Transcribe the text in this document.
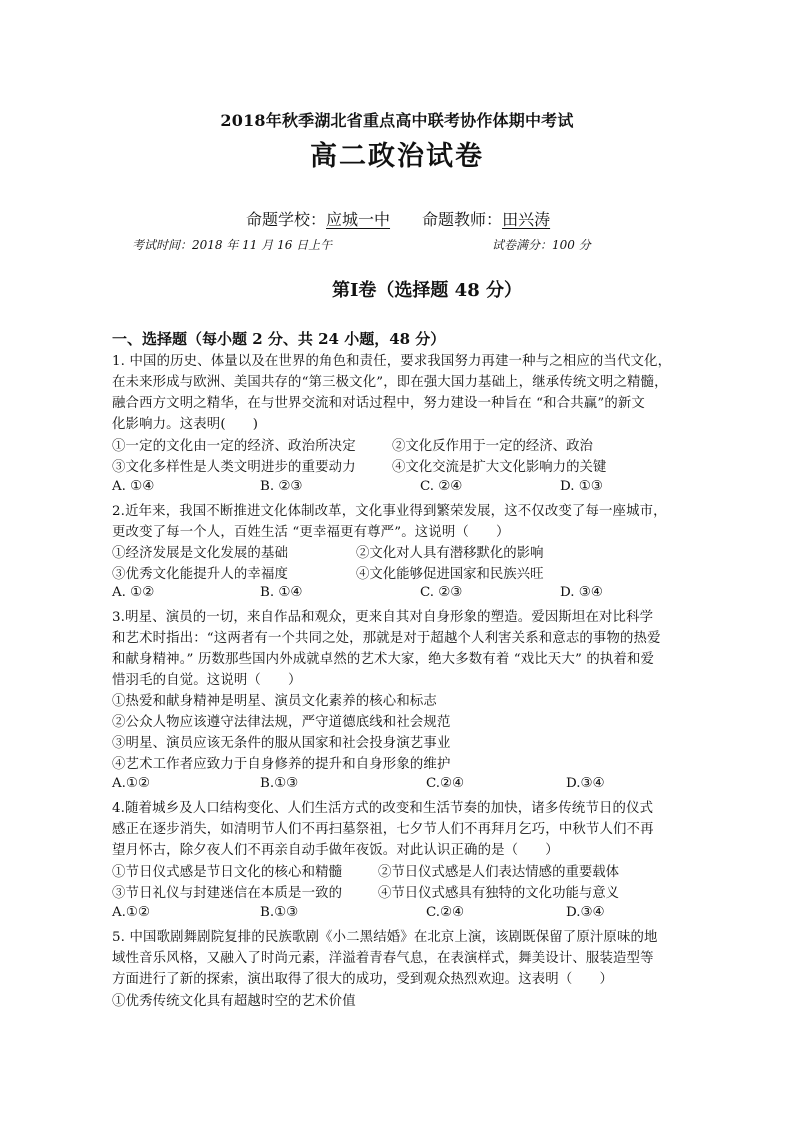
2018年秋季湖北省重点高中联考协作体期中考试
高二政治试卷
命题学校：应城一中　　 命题教师：田兴涛
考试时间：2018 年 11 月 16 日上午	试卷满分：100 分
第Ⅰ卷（选择题 48 分）
一、选择题（每小题 2 分、共 24 小题，48 分）
1. 中国的历史、体量以及在世界的角色和责任，要求我国努力再建一种与之相应的当代文化，
在未来形成与欧洲、美国共存的“第三极文化”，即在强大国力基础上，继承传统文明之精髓，
融合西方文明之精华，在与世界交流和对话过程中，努力建设一种旨在 “和合共赢”的新文
化影响力。这表明(　　)
①一定的文化由一定的经济、政治所决定	②文化反作用于一定的经济、政治
③文化多样性是人类文明进步的重要动力	④文化交流是扩大文化影响力的关键
A. ①④	B. ②③	C. ②④	D. ①③
2.近年来，我国不断推进文化体制改革，文化事业得到繁荣发展，这不仅改变了每一座城市，
更改变了每一个人，百姓生活 “更幸福更有尊严”。这说明（　　）
①经济发展是文化发展的基础	②文化对人具有潜移默化的影响
③优秀文化能提升人的幸福度	④文化能够促进国家和民族兴旺
A. ①②	B. ①④	C. ②③	D. ③④
3.明星、演员的一切，来自作品和观众，更来自其对自身形象的塑造。爱因斯坦在对比科学
和艺术时指出：“这两者有一个共同之处，那就是对于超越个人利害关系和意志的事物的热爱
和献身精神。” 历数那些国内外成就卓然的艺术大家，绝大多数有着 “戏比天大” 的执着和爱
惜羽毛的自觉。这说明（　　）
①热爱和献身精神是明星、演员文化素养的核心和标志
②公众人物应该遵守法律法规，严守道德底线和社会规范
③明星、演员应该无条件的服从国家和社会投身演艺事业
④艺术工作者应致力于自身修养的提升和自身形象的维护
A.①②	B.①③	C.②④	D.③④
4.随着城乡及人口结构变化、人们生活方式的改变和生活节奏的加快，诸多传统节日的仪式
感正在逐步消失，如清明节人们不再扫墓祭祖，七夕节人们不再拜月乞巧，中秋节人们不再
望月怀古，除夕夜人们不再亲自动手做年夜饭。对此认识正确的是（　　）
①节日仪式感是节日文化的核心和精髓	②节日仪式感是人们表达情感的重要载体
③节日礼仪与封建迷信在本质是一致的	④节日仪式感具有独特的文化功能与意义
A.①②	B.①③	C.②④	D.③④
5. 中国歌剧舞剧院复排的民族歌剧《小二黑结婚》在北京上演，该剧既保留了原汁原味的地
域性音乐风格，又融入了时尚元素，洋溢着青春气息，在表演样式，舞美设计、服装造型等
方面进行了新的探索，演出取得了很大的成功，受到观众热烈欢迎。这表明（　　）
①优秀传统文化具有超越时空的艺术价值
